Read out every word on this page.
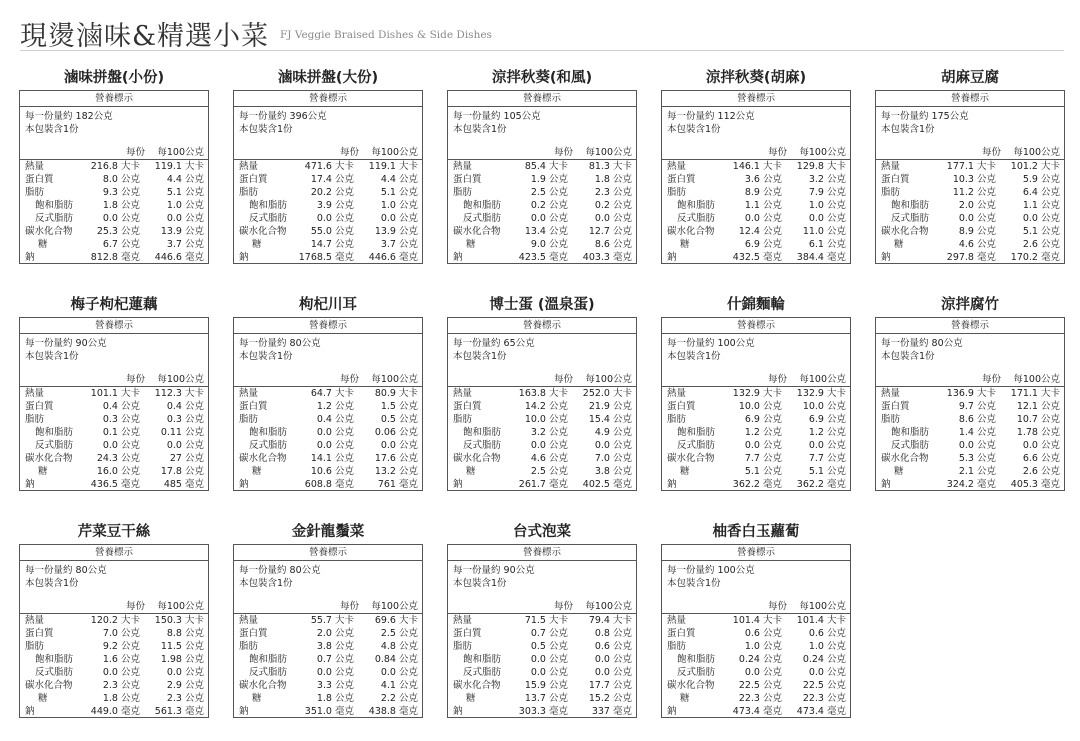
現燙滷味&精選小菜 FJ Veggie Braised Dishes & Side Dishes
滷味拼盤(小份)
營養標示
每一份量約 182公克
本包裝含1份
每份 每100公克
熱量	216.8 大卡 119.1 大卡
蛋白質	8.0 公克	4.4 公克
脂肪	9.3 公克	5.1 公克
飽和脂肪	1.8 公克	1.0 公克
反式脂肪	0.0 公克	0.0 公克
碳水化合物	25.3 公克 13.9 公克
糖	6.7 公克	3.7 公克
鈉	812.8 毫克 446.6 毫克
滷味拼盤(大份)
營養標示
每一份量約 396公克
本包裝含1份
每份 每100公克
熱量	471.6 大卡 119.1 大卡
蛋白質	17.4 公克	4.4 公克
脂肪	20.2 公克	5.1 公克
飽和脂肪	3.9 公克	1.0 公克
反式脂肪	0.0 公克	0.0 公克
碳水化合物	55.0 公克 13.9 公克
糖	14.7 公克	3.7 公克
鈉	1768.5 毫克 446.6 毫克
涼拌秋葵(和風)
營養標示
每一份量約 105公克
本包裝含1份
每份 每100公克
熱量	85.4 大卡 81.3 大卡
蛋白質	1.9 公克	1.8 公克
脂肪	2.5 公克	2.3 公克
飽和脂肪	0.2 公克	0.2 公克
反式脂肪	0.0 公克	0.0 公克
碳水化合物	13.4 公克 12.7 公克
糖	9.0 公克	8.6 公克
鈉	423.5 毫克 403.3 毫克
涼拌秋葵(胡麻)
營養標示
每一份量約 112公克
本包裝含1份
每份 每100公克
熱量	146.1 大卡 129.8 大卡
蛋白質	3.6 公克	3.2 公克
脂肪	8.9 公克	7.9 公克
飽和脂肪	1.1 公克	1.0 公克
反式脂肪	0.0 公克	0.0 公克
碳水化合物	12.4 公克 11.0 公克
糖	6.9 公克	6.1 公克
鈉	432.5 毫克 384.4 毫克
胡麻豆腐
營養標示
每一份量約 175公克
本包裝含1份
每份 每100公克
熱量	177.1 大卡 101.2 大卡
蛋白質	10.3 公克	5.9 公克
脂肪	11.2 公克	6.4 公克
飽和脂肪	2.0 公克	1.1 公克
反式脂肪	0.0 公克	0.0 公克
碳水化合物	8.9 公克	5.1 公克
糖	4.6 公克	2.6 公克
鈉	297.8 毫克 170.2 毫克
梅子枸杞蓮藕
營養標示
每一份量約 90公克
本包裝含1份
每份 每100公克
熱量	101.1 大卡 112.3 大卡
蛋白質	0.4 公克	0.4 公克
脂肪	0.3 公克	0.3 公克
飽和脂肪	0.1 公克 0.11 公克
反式脂肪	0.0 公克	0.0 公克
碳水化合物	24.3 公克	27 公克
糖	16.0 公克 17.8 公克
鈉	436.5 毫克	485 毫克
枸杞川耳
營養標示
每一份量約 80公克
本包裝含1份
每份 每100公克
熱量	64.7 大卡 80.9 大卡
蛋白質	1.2 公克	1.5 公克
脂肪	0.4 公克	0.5 公克
飽和脂肪	0.0 公克 0.06 公克
反式脂肪	0.0 公克	0.0 公克
碳水化合物	14.1 公克 17.6 公克
糖	10.6 公克 13.2 公克
鈉	608.8 毫克	761 毫克
博士蛋 (溫泉蛋)
營養標示
每一份量約 65公克
本包裝含1份
每份 每100公克
熱量	163.8 大卡 252.0 大卡
蛋白質	14.2 公克 21.9 公克
脂肪	10.0 公克 15.4 公克
飽和脂肪	3.2 公克	4.9 公克
反式脂肪	0.0 公克	0.0 公克
碳水化合物	4.6 公克	7.0 公克
糖	2.5 公克	3.8 公克
鈉	261.7 毫克 402.5 毫克
什錦麵輪
營養標示
每一份量約 100公克
本包裝含1份
每份 每100公克
熱量	132.9 大卡 132.9 大卡
蛋白質	10.0 公克 10.0 公克
脂肪	6.9 公克	6.9 公克
飽和脂肪	1.2 公克	1.2 公克
反式脂肪	0.0 公克	0.0 公克
碳水化合物	7.7 公克	7.7 公克
糖	5.1 公克	5.1 公克
鈉	362.2 毫克 362.2 毫克
涼拌腐竹
營養標示
每一份量約 80公克
本包裝含1份
每份 每100公克
熱量	136.9 大卡 171.1 大卡
蛋白質	9.7 公克 12.1 公克
脂肪	8.6 公克 10.7 公克
飽和脂肪	1.4 公克 1.78 公克
反式脂肪	0.0 公克	0.0 公克
碳水化合物	5.3 公克	6.6 公克
糖	2.1 公克	2.6 公克
鈉	324.2 毫克 405.3 毫克
芹菜豆干絲
營養標示
每一份量約 80公克
本包裝含1份
每份 每100公克
熱量	120.2 大卡 150.3 大卡
蛋白質	7.0 公克	8.8 公克
脂肪	9.2 公克 11.5 公克
飽和脂肪	1.6 公克 1.98 公克
反式脂肪	0.0 公克	0.0 公克
碳水化合物	2.3 公克	2.9 公克
糖	1.8 公克	2.3 公克
鈉	449.0 毫克 561.3 毫克
金針龍鬚菜
營養標示
每一份量約 80公克
本包裝含1份
每份 每100公克
熱量	55.7 大卡 69.6 大卡
蛋白質	2.0 公克	2.5 公克
脂肪	3.8 公克	4.8 公克
飽和脂肪	0.7 公克 0.84 公克
反式脂肪	0.0 公克	0.0 公克
碳水化合物	3.3 公克	4.1 公克
糖	1.8 公克	2.2 公克
鈉	351.0 毫克 438.8 毫克
台式泡菜
營養標示
每一份量約 90公克
本包裝含1份
每份 每100公克
熱量	71.5 大卡 79.4 大卡
蛋白質	0.7 公克	0.8 公克
脂肪	0.5 公克	0.6 公克
飽和脂肪	0.0 公克	0.0 公克
反式脂肪	0.0 公克	0.0 公克
碳水化合物	15.9 公克 17.7 公克
糖	13.7 公克 15.2 公克
鈉	303.3 毫克	337 毫克
柚香白玉蘿蔔
營養標示
每一份量約 100公克
本包裝含1份
每份 每100公克
熱量	101.4 大卡 101.4 大卡
蛋白質	0.6 公克	0.6 公克
脂肪	1.0 公克	1.0 公克
飽和脂肪	0.24 公克 0.24 公克
反式脂肪	0.0 公克	0.0 公克
碳水化合物	22.5 公克 22.5 公克
糖	22.3 公克 22.3 公克
鈉	473.4 毫克 473.4 毫克
